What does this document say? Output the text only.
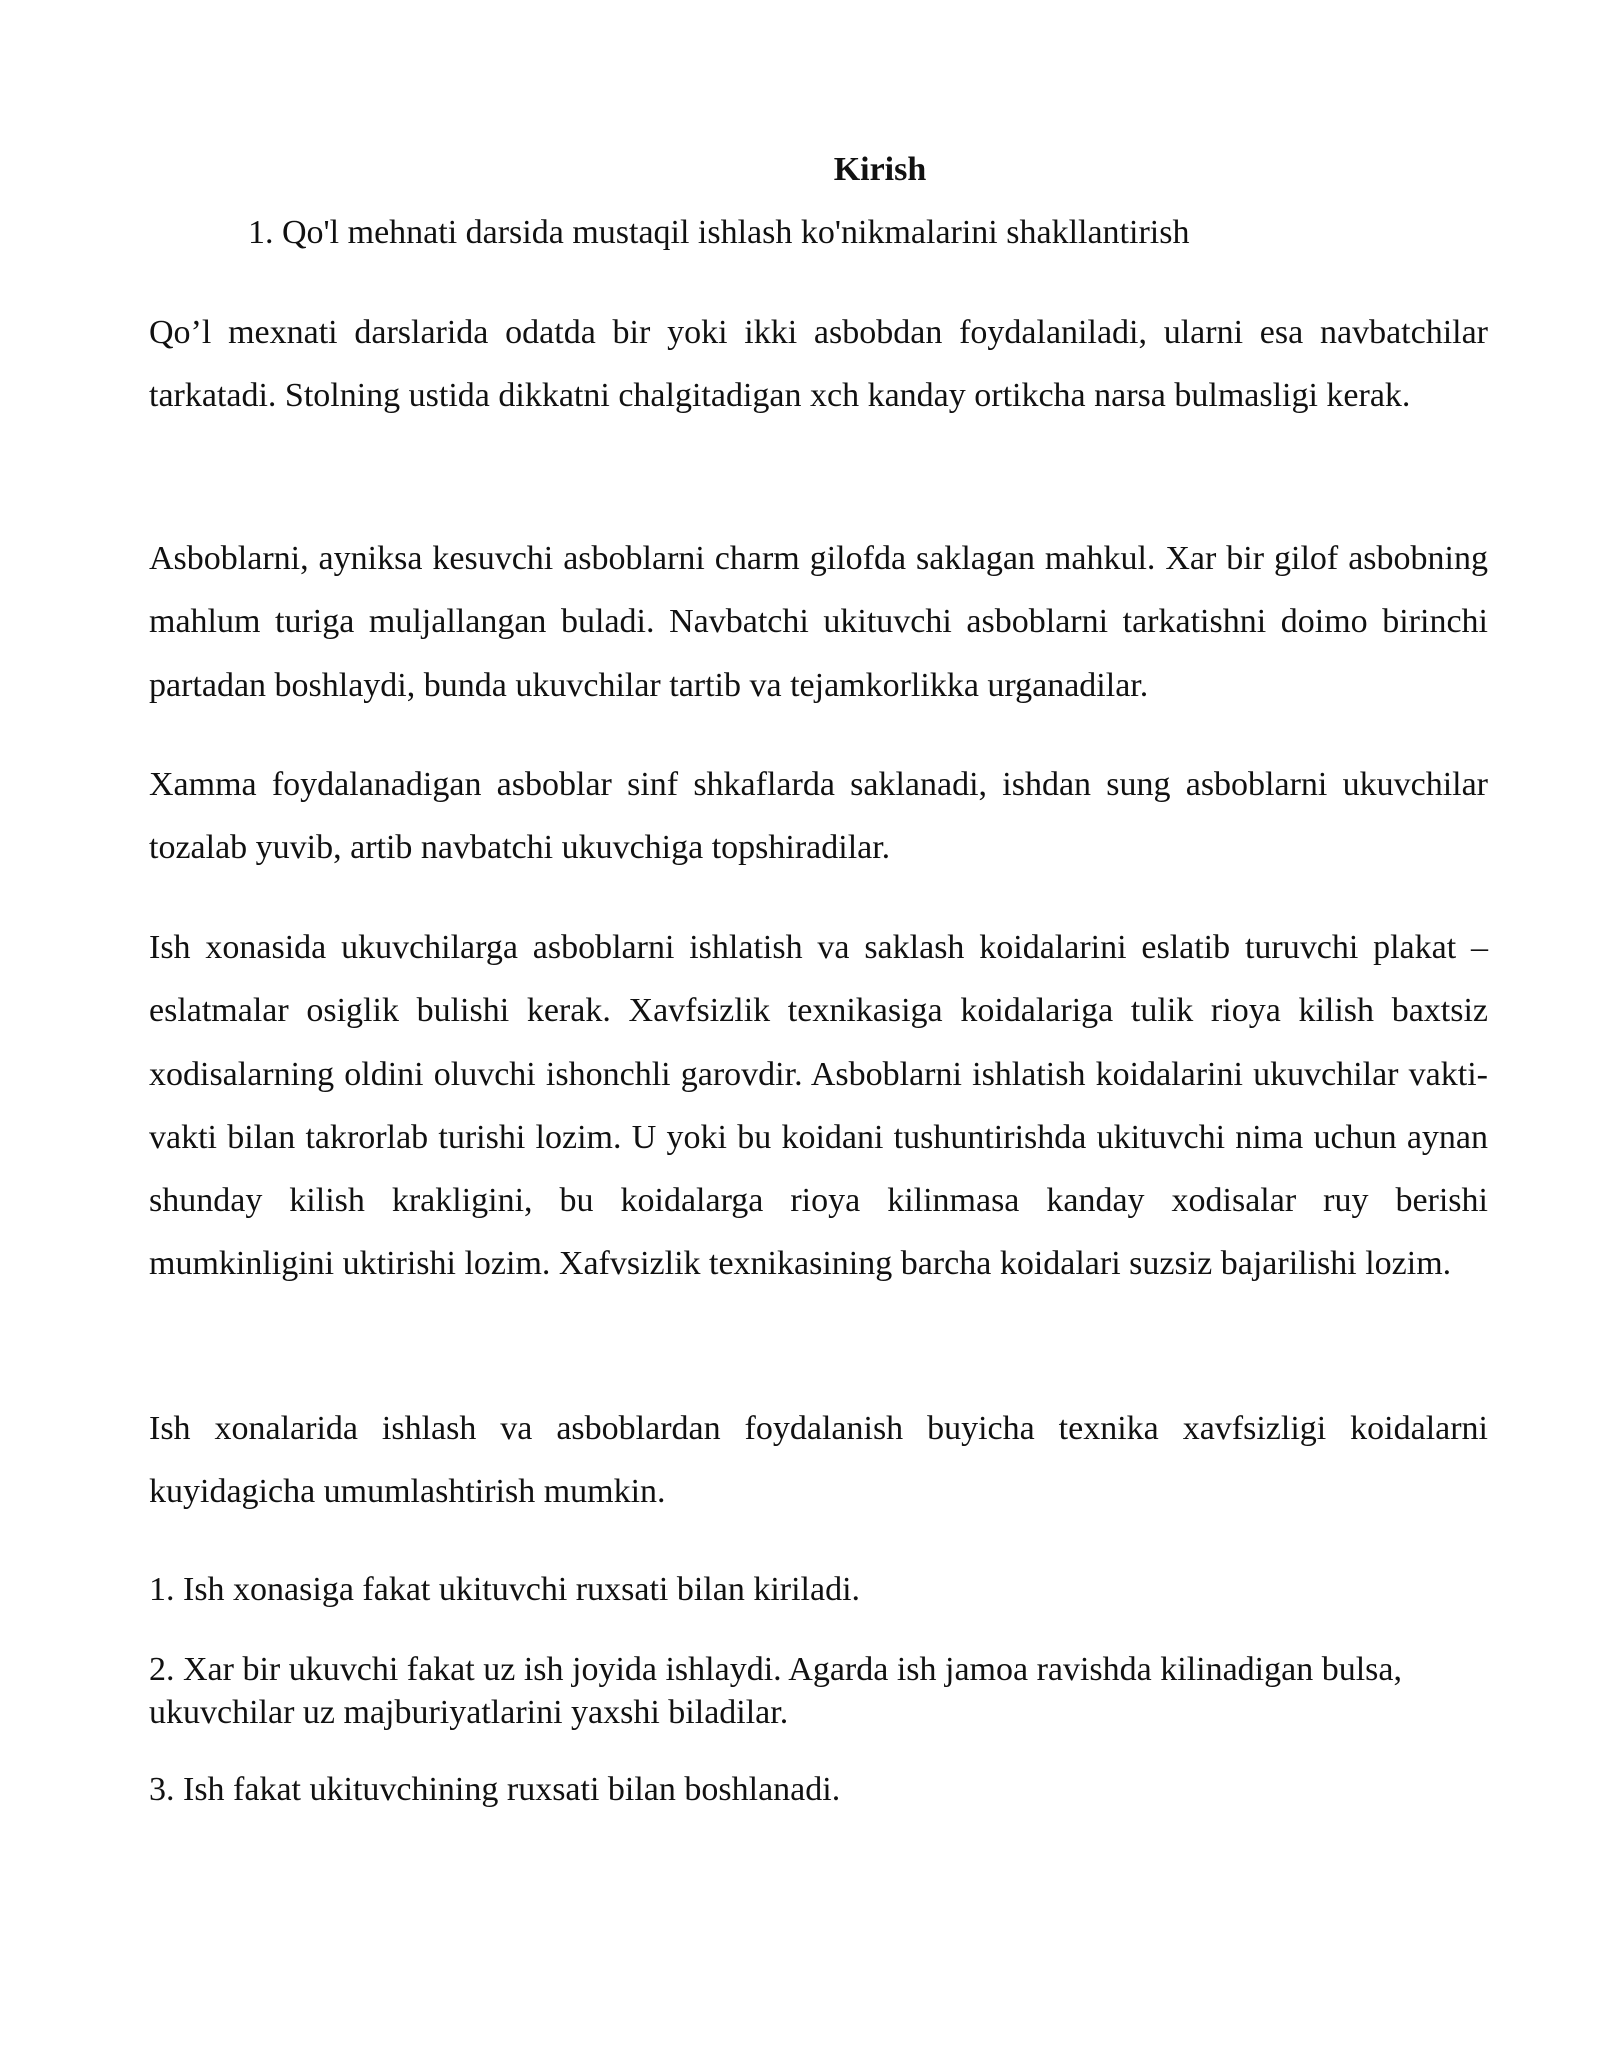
Kirish

1. Qo'l mehnati darsida mustaqil ishlash ko'nikmalarini shakllantirish

Qo’l mexnati darslarida odatda bir yoki ikki asbobdan foydalaniladi, ularni esa navbatchilar tarkatadi. Stolning ustida dikkatni chalgitadigan xch kanday ortikcha narsa bulmasligi kerak.

Asboblarni, ayniksa kesuvchi asboblarni charm gilofda saklagan mahkul. Xar bir gilof asbobning mahlum turiga muljallangan buladi. Navbatchi ukituvchi asboblarni tarkatishni doimo birinchi partadan boshlaydi, bunda ukuvchilar tartib va tejamkorlikka urganadilar.

Xamma foydalanadigan asboblar sinf shkaflarda saklanadi, ishdan sung asboblarni ukuvchilar tozalab yuvib, artib navbatchi ukuvchiga topshiradilar.

Ish xonasida ukuvchilarga asboblarni ishlatish va saklash koidalarini eslatib turuvchi plakat – eslatmalar osiglik bulishi kerak. Xavfsizlik texnikasiga koidalariga tulik rioya kilish baxtsiz xodisalarning oldini oluvchi ishonchli garovdir. Asboblarni ishlatish koidalarini ukuvchilar vakti-vakti bilan takrorlab turishi lozim. U yoki bu koidani tushuntirishda ukituvchi nima uchun aynan shunday kilish krakligini, bu koidalarga rioya kilinmasa kanday xodisalar ruy berishi mumkinligini uktirishi lozim. Xafvsizlik texnikasining barcha koidalari suzsiz bajarilishi lozim.

Ish xonalarida ishlash va asboblardan foydalanish buyicha texnika xavfsizligi koidalarni kuyidagicha umumlashtirish mumkin.

1. Ish xonasiga fakat ukituvchi ruxsati bilan kiriladi.

2. Xar bir ukuvchi fakat uz ish joyida ishlaydi. Agarda ish jamoa ravishda kilinadigan bulsa, ukuvchilar uz majburiyatlarini yaxshi biladilar.

3. Ish fakat ukituvchining ruxsati bilan boshlanadi.
